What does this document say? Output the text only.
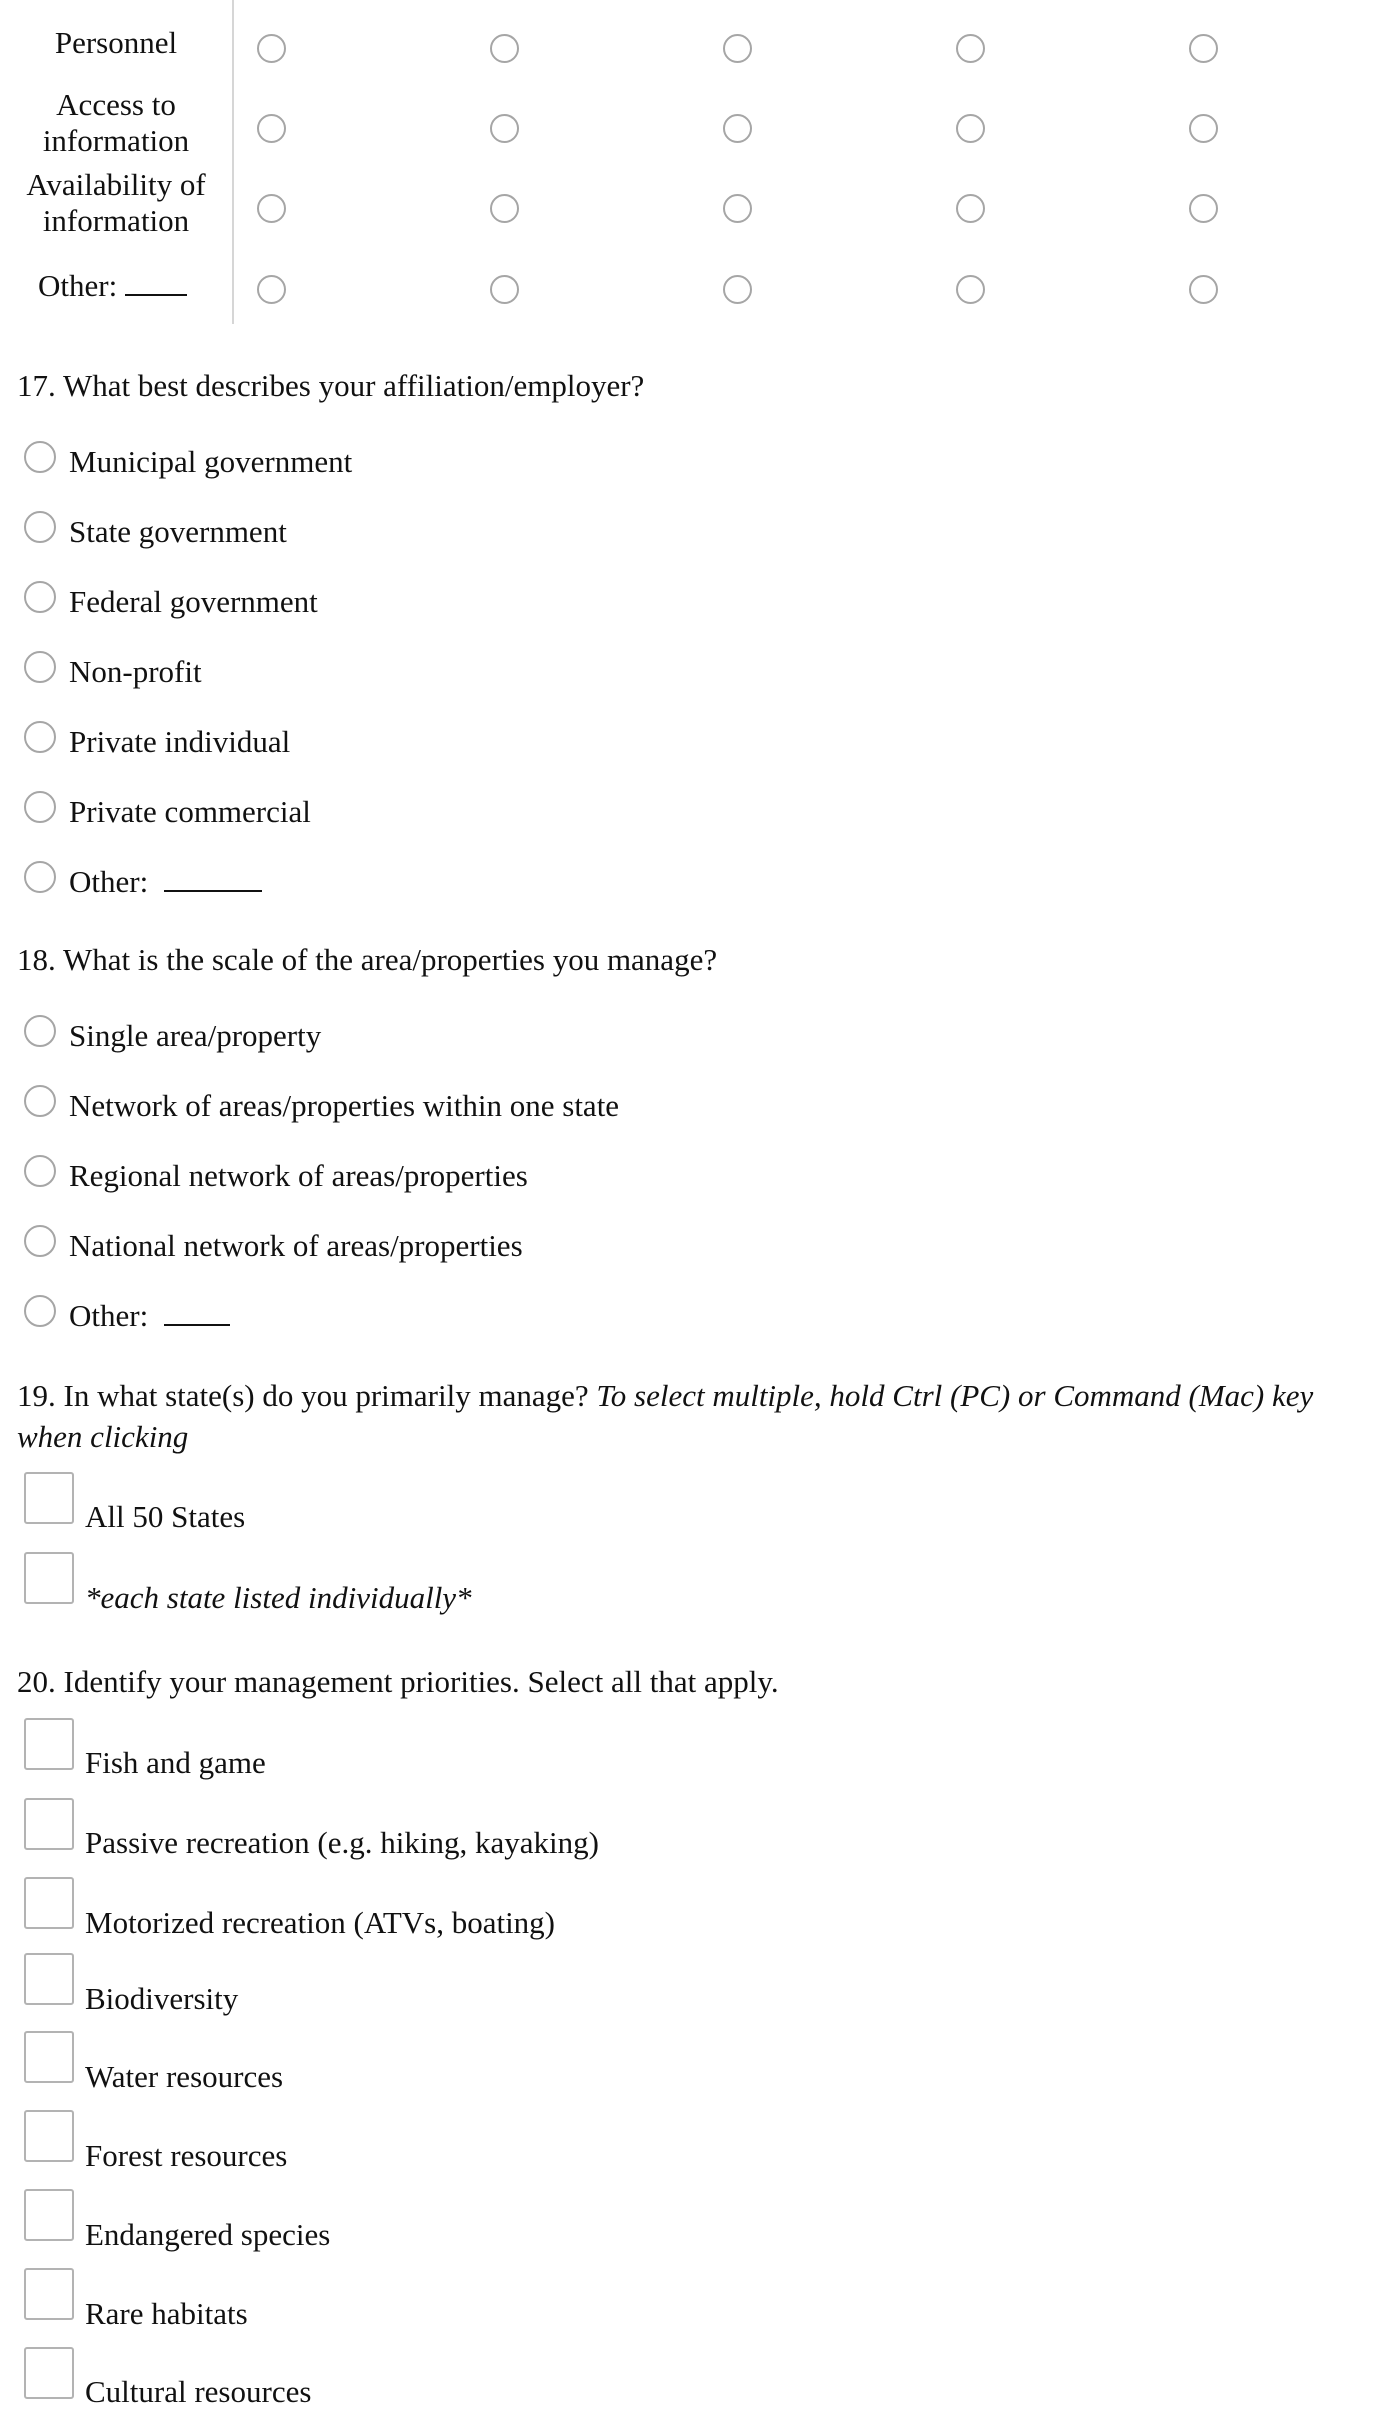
Personnel
Access to information
Availability of information
Other:
17. What best describes your affiliation/employer?
Municipal government
State government
Federal government
Non-profit
Private individual
Private commercial
Other:
18. What is the scale of the area/properties you manage?
Single area/property
Network of areas/properties within one state
Regional network of areas/properties
National network of areas/properties
Other:
19. In what state(s) do you primarily manage? To select multiple, hold Ctrl (PC) or Command (Mac) key
when clicking
All 50 States
*each state listed individually*
20. Identify your management priorities. Select all that apply.
Fish and game
Passive recreation (e.g. hiking, kayaking)
Motorized recreation (ATVs, boating)
Biodiversity
Water resources
Forest resources
Endangered species
Rare habitats
Cultural resources
